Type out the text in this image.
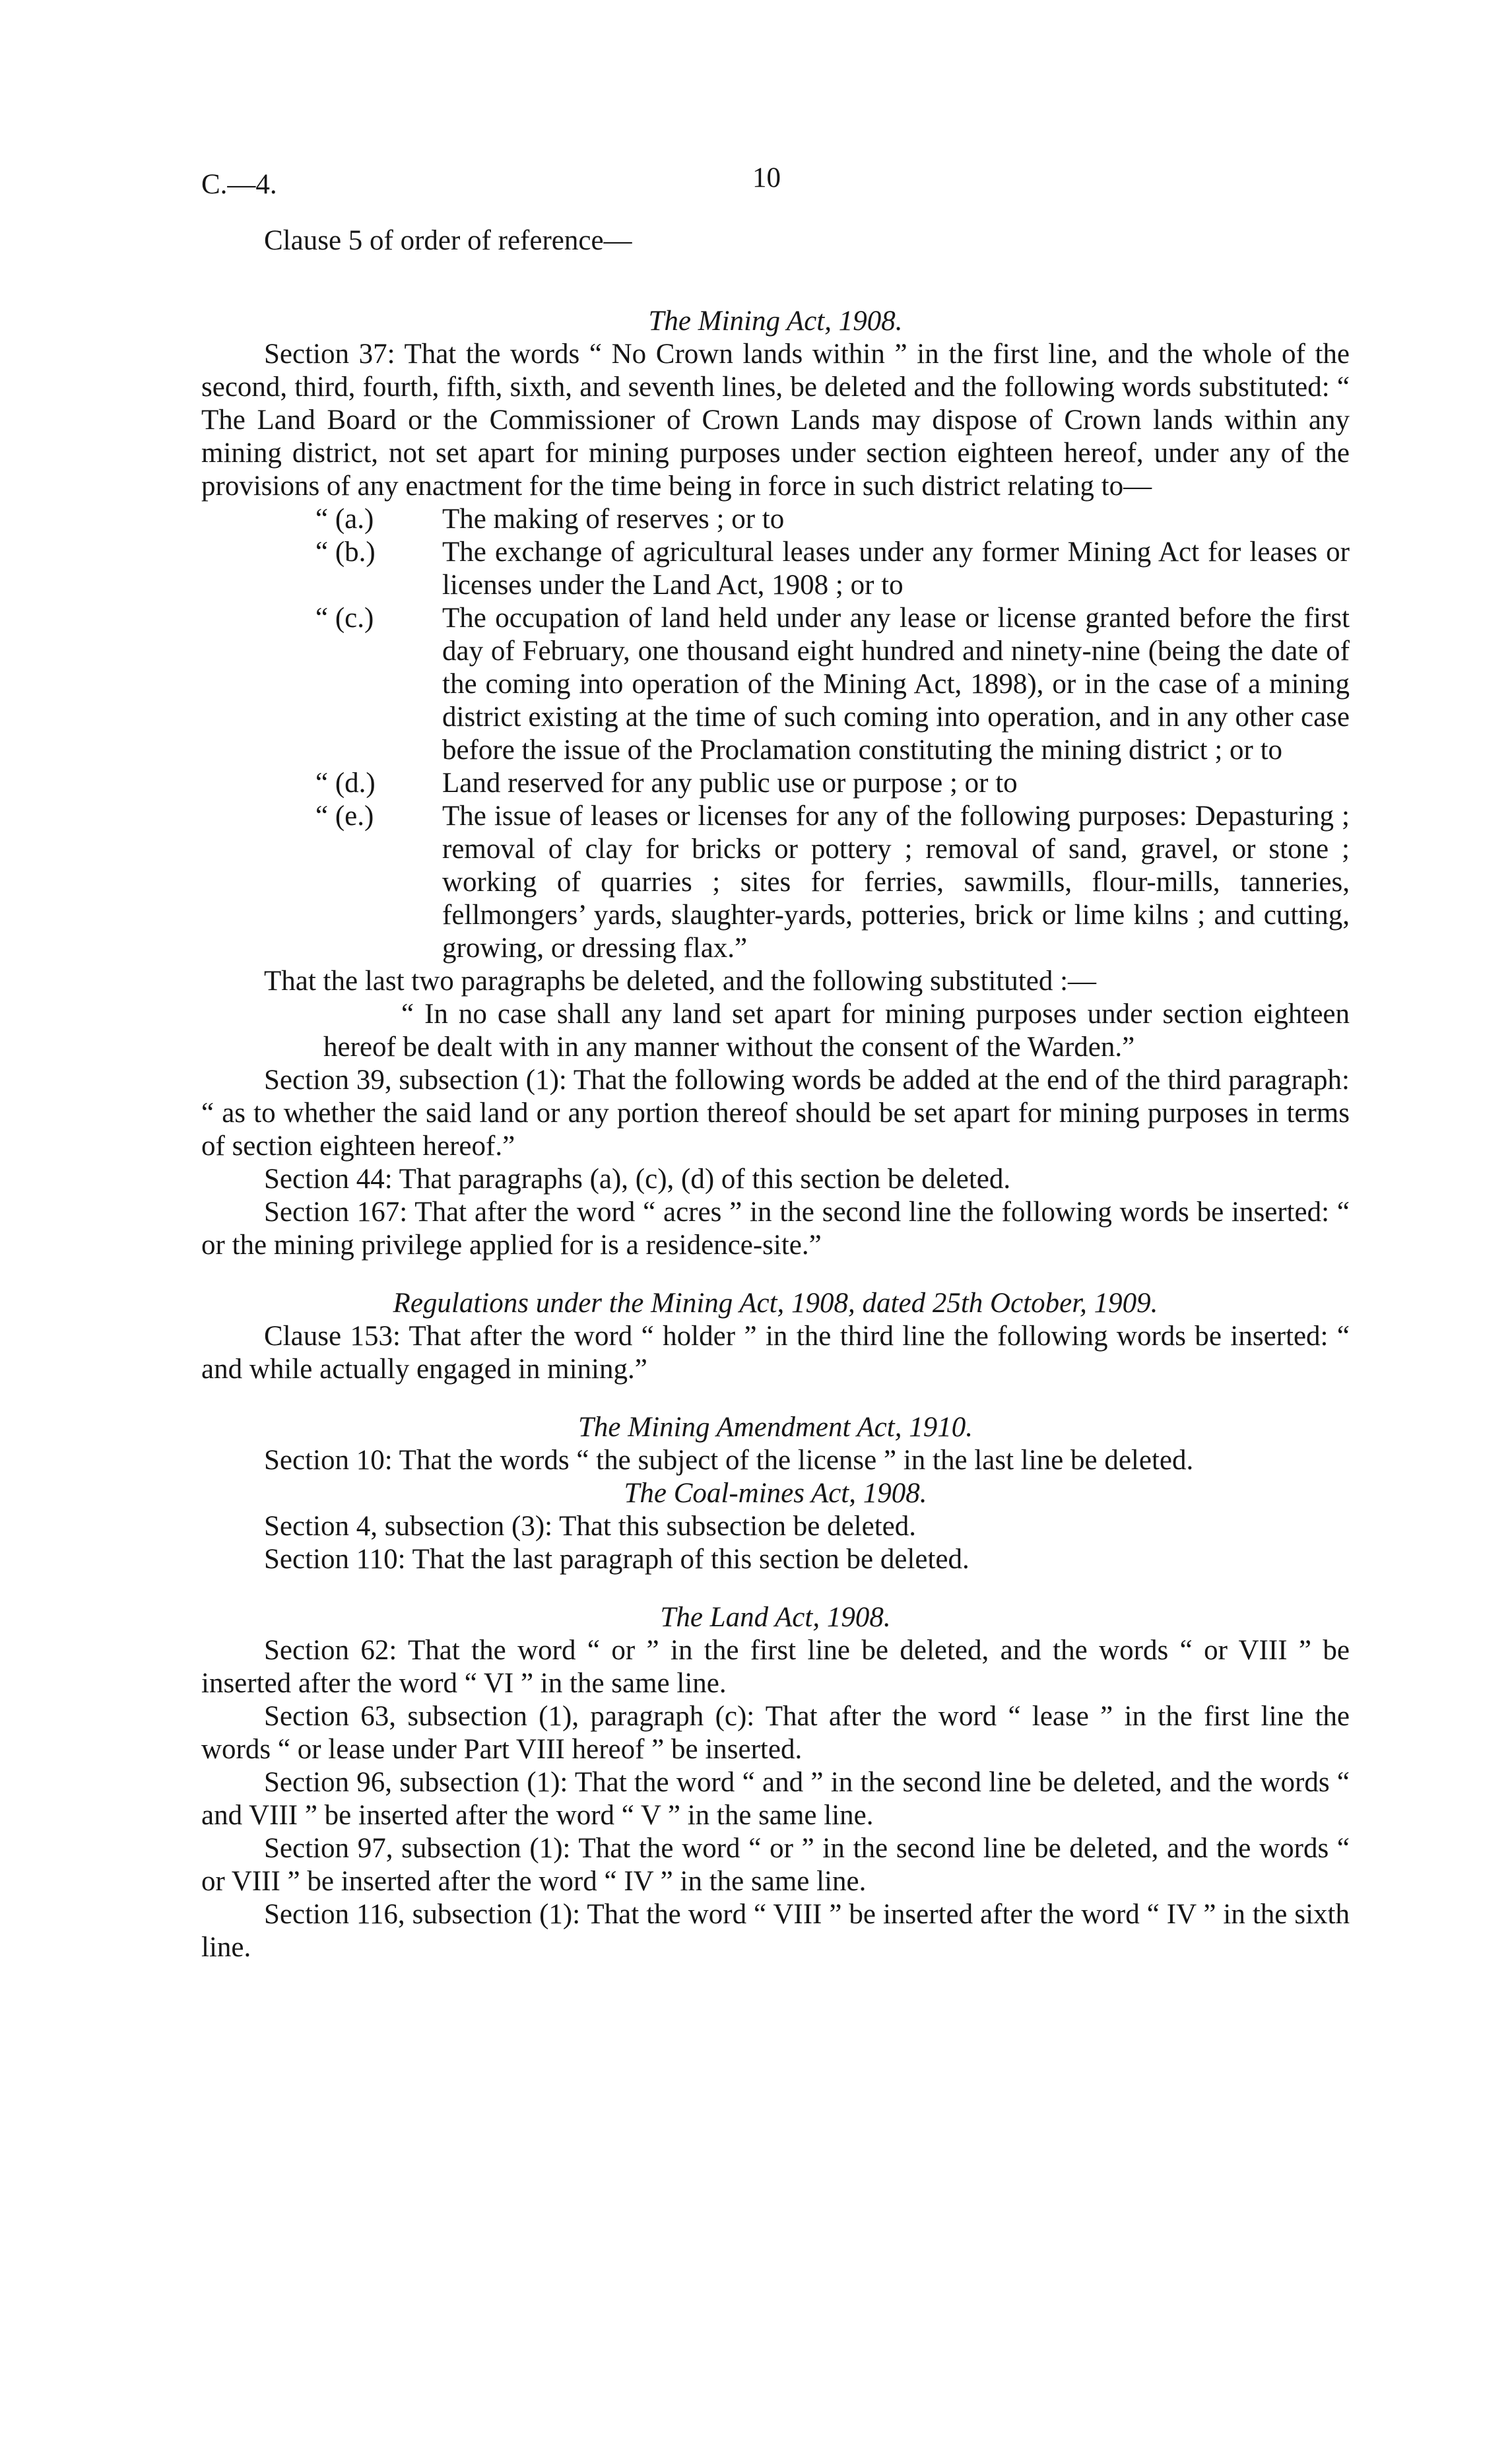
C.—4.	10

Clause 5 of order of reference—

The Mining Act, 1908.

Section 37: That the words “ No Crown lands within ” in the first line, and the whole of the second, third, fourth, fifth, sixth, and seventh lines, be deleted and the following words substituted: “ The Land Board or the Commissioner of Crown Lands may dispose of Crown lands within any mining district, not set apart for mining purposes under section eighteen hereof, under any of the provisions of any enactment for the time being in force in such district relating to—

“ (a.) The making of reserves ; or to

“ (b.) The exchange of agricultural leases under any former Mining Act for leases or licenses under the Land Act, 1908 ; or to

“ (c.) The occupation of land held under any lease or license granted before the first day of February, one thousand eight hundred and ninety-nine (being the date of the coming into operation of the Mining Act, 1898), or in the case of a mining district existing at the time of such coming into operation, and in any other case before the issue of the Proclamation constituting the mining district ; or to

“ (d.) Land reserved for any public use or purpose ; or to

“ (e.) The issue of leases or licenses for any of the following purposes: Depasturing ; removal of clay for bricks or pottery ; removal of sand, gravel, or stone ; working of quarries ; sites for ferries, sawmills, flour-mills, tanneries, fellmongers’ yards, slaughter-yards, potteries, brick or lime kilns ; and cutting, growing, or dressing flax.”

That the last two paragraphs be deleted, and the following substituted :—

“ In no case shall any land set apart for mining purposes under section eighteen hereof be dealt with in any manner without the consent of the Warden.”

Section 39, subsection (1): That the following words be added at the end of the third paragraph: “ as to whether the said land or any portion thereof should be set apart for mining purposes in terms of section eighteen hereof.”

Section 44: That paragraphs (a), (c), (d) of this section be deleted.

Section 167: That after the word “ acres ” in the second line the following words be inserted: “ or the mining privilege applied for is a residence-site.”

Regulations under the Mining Act, 1908, dated 25th October, 1909.

Clause 153: That after the word “ holder ” in the third line the following words be inserted: “ and while actually engaged in mining.”

The Mining Amendment Act, 1910.

Section 10: That the words “ the subject of the license ” in the last line be deleted.

The Coal-mines Act, 1908.

Section 4, subsection (3): That this subsection be deleted.

Section 110: That the last paragraph of this section be deleted.

The Land Act, 1908.

Section 62: That the word “ or ” in the first line be deleted, and the words “ or VIII ” be inserted after the word “ VI ” in the same line.

Section 63, subsection (1), paragraph (c): That after the word “ lease ” in the first line the words “ or lease under Part VIII hereof ” be inserted.

Section 96, subsection (1): That the word “ and ” in the second line be deleted, and the words “ and VIII ” be inserted after the word “ V ” in the same line.

Section 97, subsection (1): That the word “ or ” in the second line be deleted, and the words “ or VIII ” be inserted after the word “ IV ” in the same line.

Section 116, subsection (1): That the word “ VIII ” be inserted after the word “ IV ” in the sixth line.
